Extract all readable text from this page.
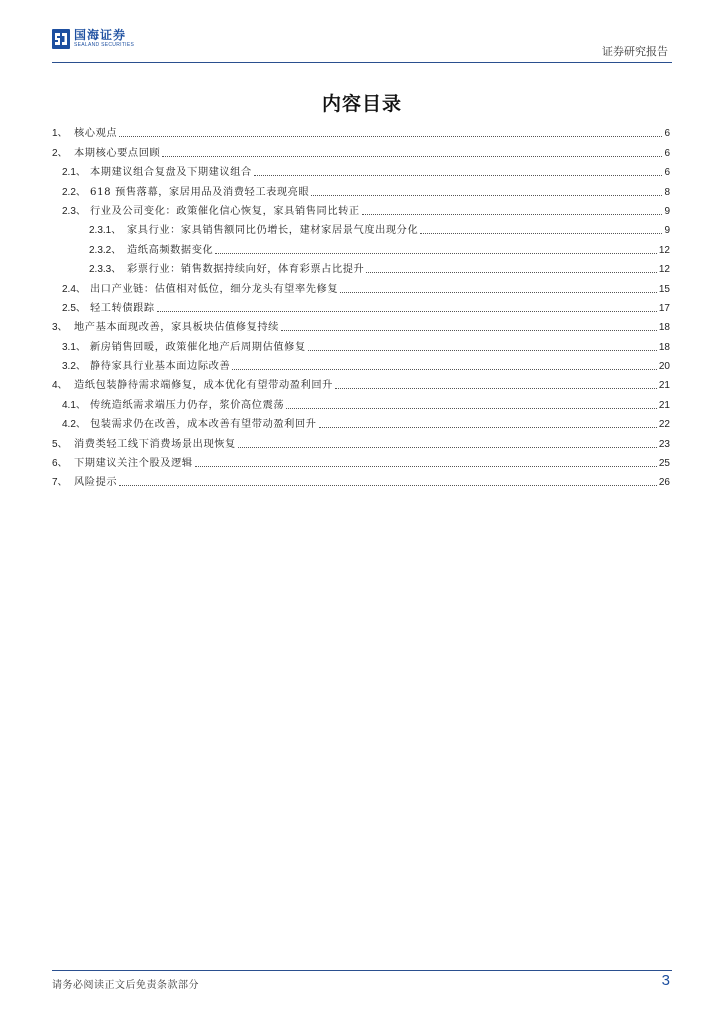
国海证券
SEALAND SECURITIES	证券研究报告
内容目录
1、 核心观点	6
2、 本期核心要点回顾	6
2.1、 本期建议组合复盘及下期建议组合	6
2.2、 618 预售落幕，家居用品及消费轻工表现亮眼	8
2.3、 行业及公司变化：政策催化信心恢复，家具销售同比转正	9
2.3.1、 家具行业：家具销售额同比仍增长，建材家居景气度出现分化	9
2.3.2、 造纸高频数据变化	12
2.3.3、 彩票行业：销售数据持续向好，体育彩票占比提升	12
2.4、 出口产业链：估值相对低位，细分龙头有望率先修复	15
2.5、 轻工转债跟踪	17
3、 地产基本面现改善，家具板块估值修复持续	18
3.1、 新房销售回暖，政策催化地产后周期估值修复	18
3.2、 静待家具行业基本面边际改善	20
4、 造纸包装静待需求端修复，成本优化有望带动盈利回升	21
4.1、 传统造纸需求端压力仍存，浆价高位震荡	21
4.2、 包装需求仍在改善，成本改善有望带动盈利回升	22
5、 消费类轻工线下消费场景出现恢复	23
6、 下期建议关注个股及逻辑	25
7、 风险提示	26
请务必阅读正文后免责条款部分	3
